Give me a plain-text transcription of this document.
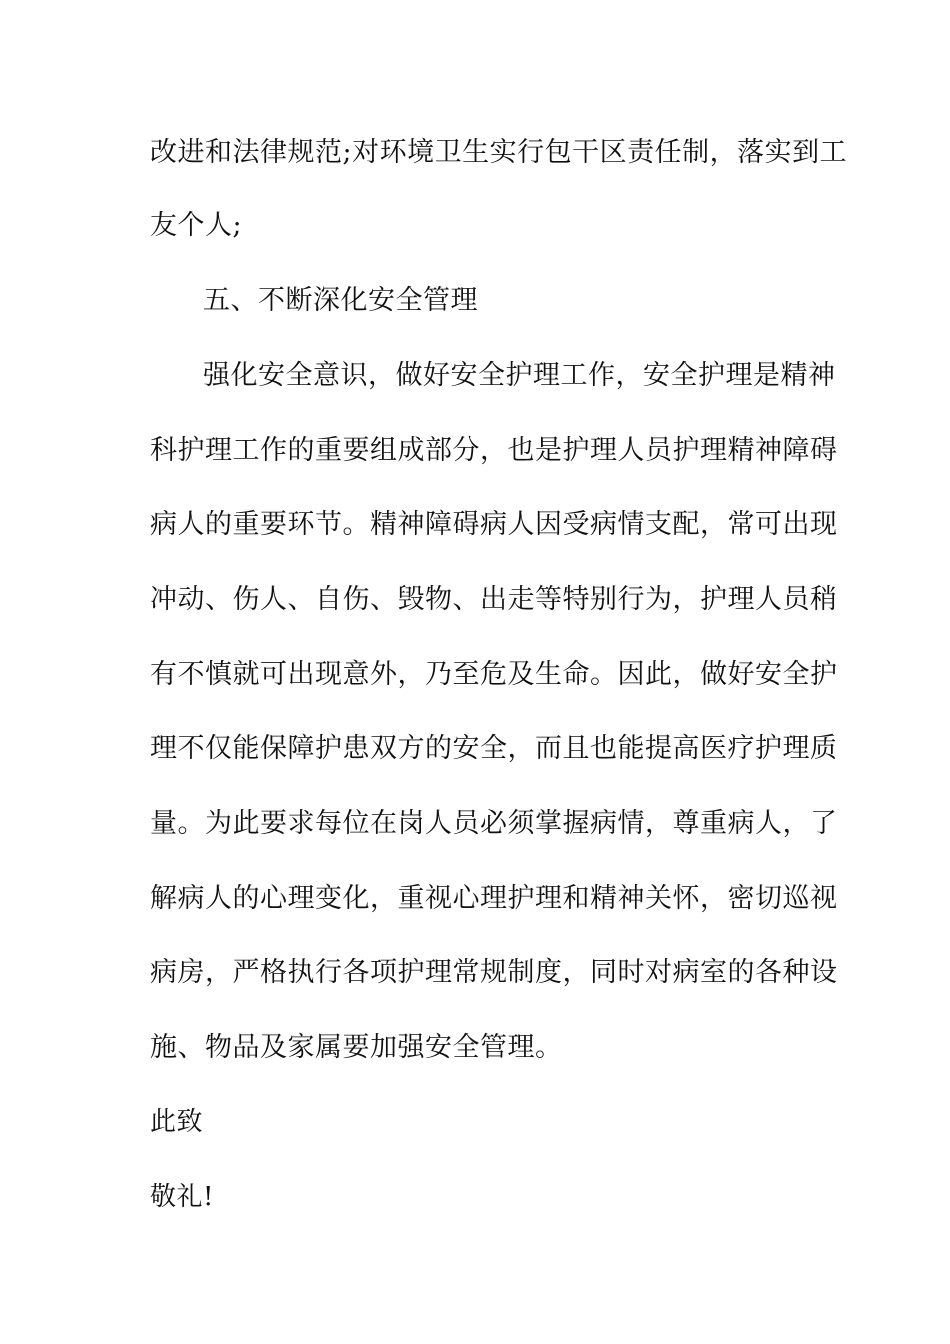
改进和法律规范;对环境卫生实行包干区责任制，落实到工
友个人;
五、不断深化安全管理
强化安全意识，做好安全护理工作，安全护理是精神
科护理工作的重要组成部分，也是护理人员护理精神障碍
病人的重要环节。精神障碍病人因受病情支配，常可出现
冲动、伤人、自伤、毁物、出走等特别行为，护理人员稍
有不慎就可出现意外，乃至危及生命。因此，做好安全护
理不仅能保障护患双方的安全，而且也能提高医疗护理质
量。为此要求每位在岗人员必须掌握病情，尊重病人，了
解病人的心理变化，重视心理护理和精神关怀，密切巡视
病房，严格执行各项护理常规制度，同时对病室的各种设
施、物品及家属要加强安全管理。
此致
敬礼!
